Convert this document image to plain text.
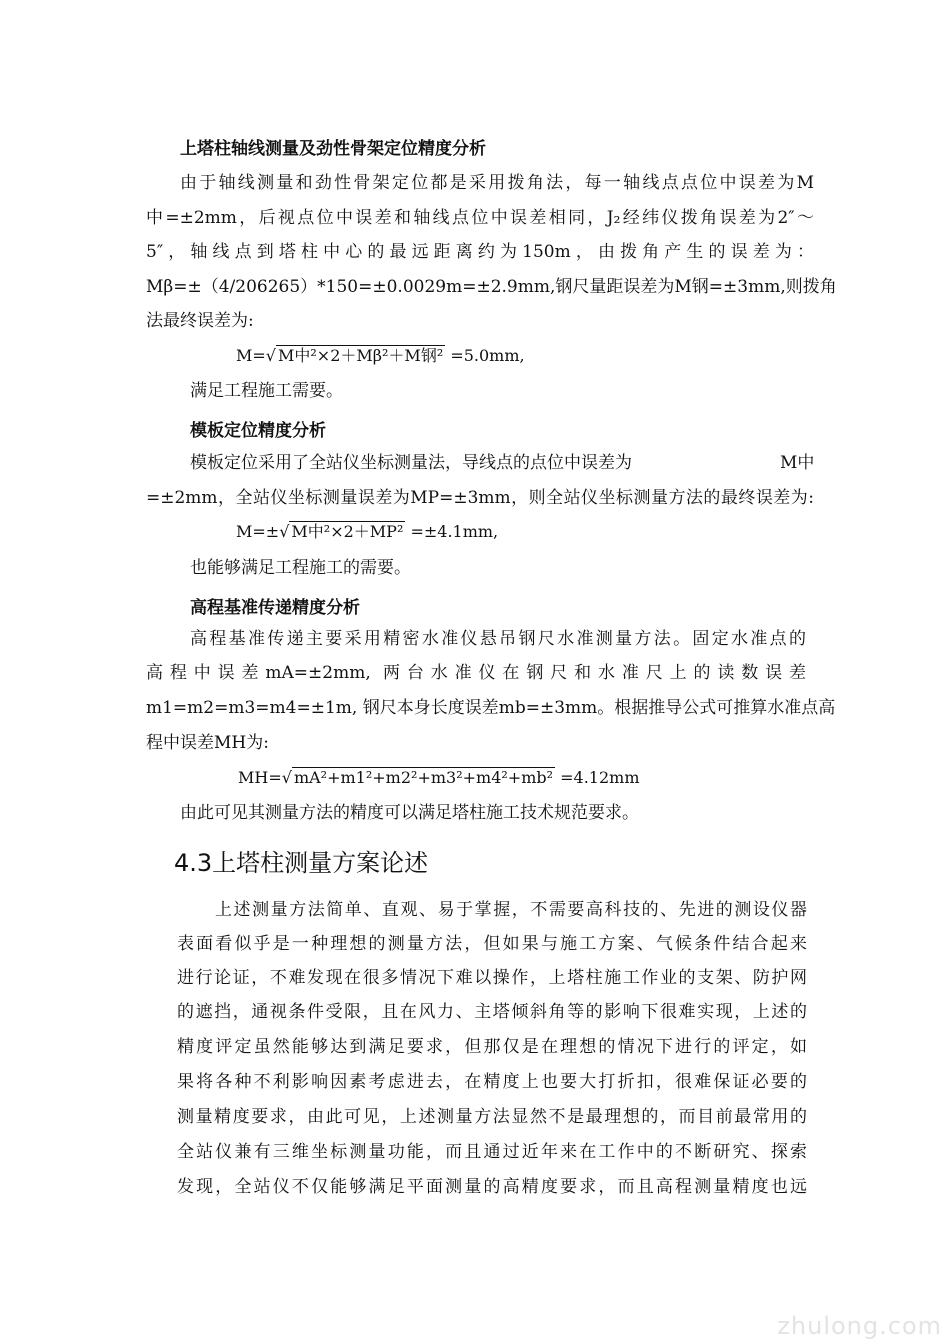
上塔柱轴线测量及劲性骨架定位精度分析
由于轴线测量和劲性骨架定位都是采用拨角法，每一轴线点点位中误差为M
中=±2mm，后视点位中误差和轴线点位中误差相同，J₂经纬仪拨角误差为2″～
5″，轴线点到塔柱中心的最远距离约为150m，由拨角产生的误差为：
Mβ=±（4/206265）*150=±0.0029m=±2.9mm,钢尺量距误差为M钢=±3mm,则拨角
法最终误差为:
M=√ M中²×2＋Mβ²＋M钢² =5.0mm,
满足工程施工需要。
模板定位精度分析
模板定位采用了全站仪坐标测量法，导线点的点位中误差为	M中
=±2mm，全站仪坐标测量误差为MP=±3mm，则全站仪坐标测量方法的最终误差为:
M=±√ M中²×2＋MP² =±4.1mm,
也能够满足工程施工的需要。
高程基准传递精度分析
高程基准传递主要采用精密水准仪悬吊钢尺水准测量方法。固定水准点的
高程中误差mA=±2mm, 两台水准仪在钢尺和水准尺上的读数误差
m1=m2=m3=m4=±1m, 钢尺本身长度误差mb=±3mm。根据推导公式可推算水准点高
程中误差MH为:
MH=√ mA²+m1²+m2²+m3²+m4²+mb² =4.12mm
由此可见其测量方法的精度可以满足塔柱施工技术规范要求。
4.3上塔柱测量方案论述
上述测量方法简单、直观、易于掌握，不需要高科技的、先进的测设仪器
表面看似乎是一种理想的测量方法，但如果与施工方案、气候条件结合起来
进行论证，不难发现在很多情况下难以操作，上塔柱施工作业的支架、防护网
的遮挡，通视条件受限，且在风力、主塔倾斜角等的影响下很难实现，上述的
精度评定虽然能够达到满足要求，但那仅是在理想的情况下进行的评定，如
果将各种不利影响因素考虑进去，在精度上也要大打折扣，很难保证必要的
测量精度要求，由此可见，上述测量方法显然不是最理想的，而目前最常用的
全站仪兼有三维坐标测量功能，而且通过近年来在工作中的不断研究、探索
发现，全站仪不仅能够满足平面测量的高精度要求，而且高程测量精度也远
zhulong.com
